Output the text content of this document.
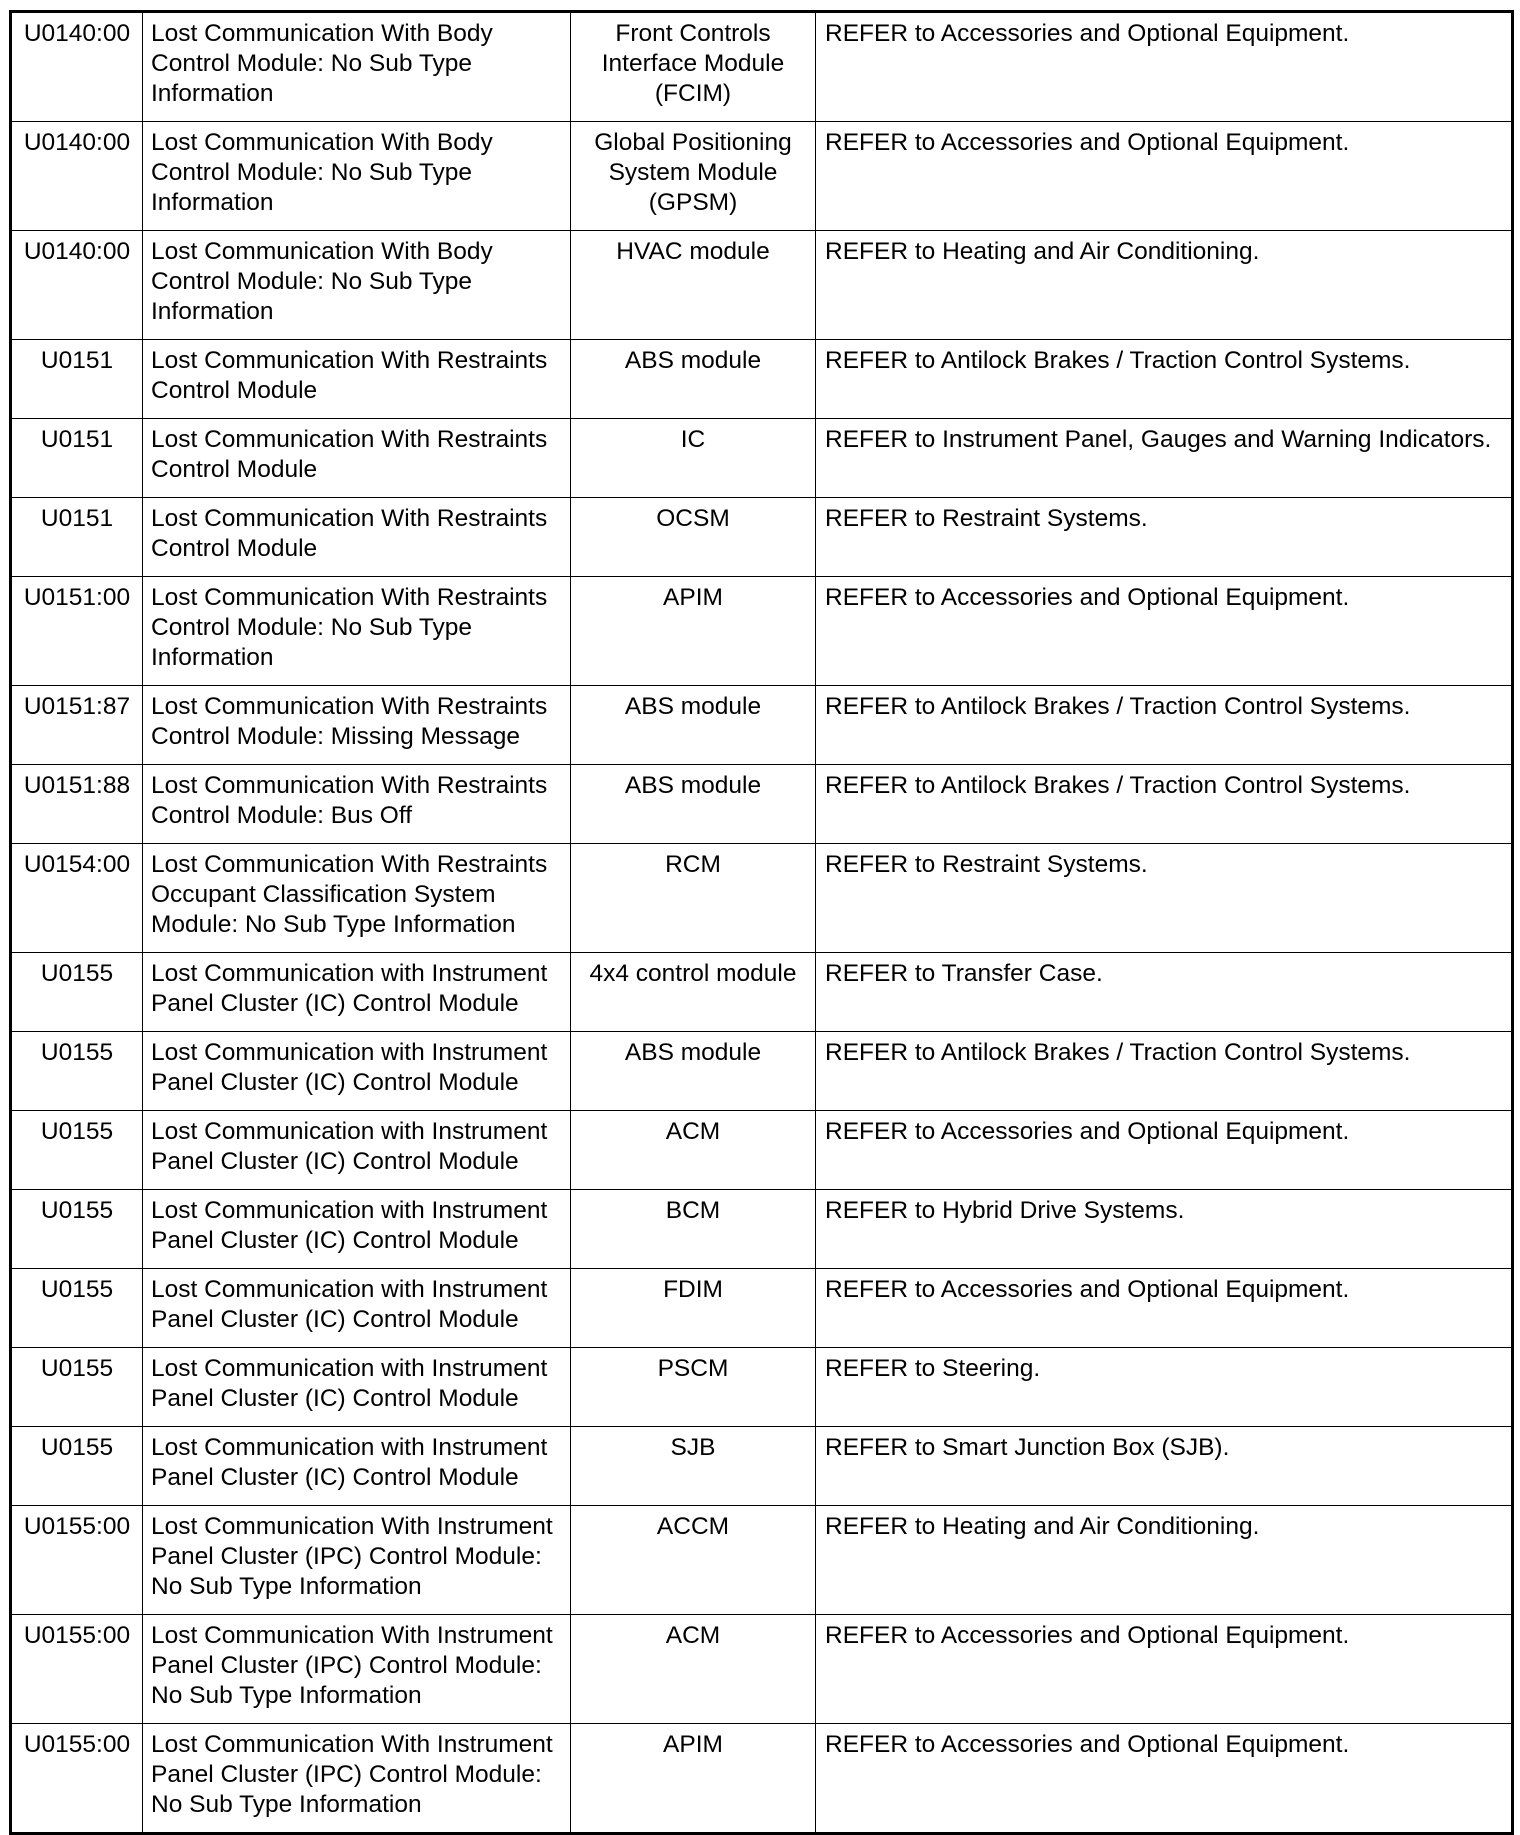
U0140:00	Lost Communication With Body Control Module: No Sub Type Information	Front Controls Interface Module (FCIM)	REFER to Accessories and Optional Equipment.
U0140:00	Lost Communication With Body Control Module: No Sub Type Information	Global Positioning System Module (GPSM)	REFER to Accessories and Optional Equipment.
U0140:00	Lost Communication With Body Control Module: No Sub Type Information	HVAC module	REFER to Heating and Air Conditioning.
U0151	Lost Communication With Restraints Control Module	ABS module	REFER to Antilock Brakes / Traction Control Systems.
U0151	Lost Communication With Restraints Control Module	IC	REFER to Instrument Panel, Gauges and Warning Indicators.
U0151	Lost Communication With Restraints Control Module	OCSM	REFER to Restraint Systems.
U0151:00	Lost Communication With Restraints Control Module: No Sub Type Information	APIM	REFER to Accessories and Optional Equipment.
U0151:87	Lost Communication With Restraints Control Module: Missing Message	ABS module	REFER to Antilock Brakes / Traction Control Systems.
U0151:88	Lost Communication With Restraints Control Module: Bus Off	ABS module	REFER to Antilock Brakes / Traction Control Systems.
U0154:00	Lost Communication With Restraints Occupant Classification System Module: No Sub Type Information	RCM	REFER to Restraint Systems.
U0155	Lost Communication with Instrument Panel Cluster (IC) Control Module	4x4 control module	REFER to Transfer Case.
U0155	Lost Communication with Instrument Panel Cluster (IC) Control Module	ABS module	REFER to Antilock Brakes / Traction Control Systems.
U0155	Lost Communication with Instrument Panel Cluster (IC) Control Module	ACM	REFER to Accessories and Optional Equipment.
U0155	Lost Communication with Instrument Panel Cluster (IC) Control Module	BCM	REFER to Hybrid Drive Systems.
U0155	Lost Communication with Instrument Panel Cluster (IC) Control Module	FDIM	REFER to Accessories and Optional Equipment.
U0155	Lost Communication with Instrument Panel Cluster (IC) Control Module	PSCM	REFER to Steering.
U0155	Lost Communication with Instrument Panel Cluster (IC) Control Module	SJB	REFER to Smart Junction Box (SJB).
U0155:00	Lost Communication With Instrument Panel Cluster (IPC) Control Module: No Sub Type Information	ACCM	REFER to Heating and Air Conditioning.
U0155:00	Lost Communication With Instrument Panel Cluster (IPC) Control Module: No Sub Type Information	ACM	REFER to Accessories and Optional Equipment.
U0155:00	Lost Communication With Instrument Panel Cluster (IPC) Control Module: No Sub Type Information	APIM	REFER to Accessories and Optional Equipment.
